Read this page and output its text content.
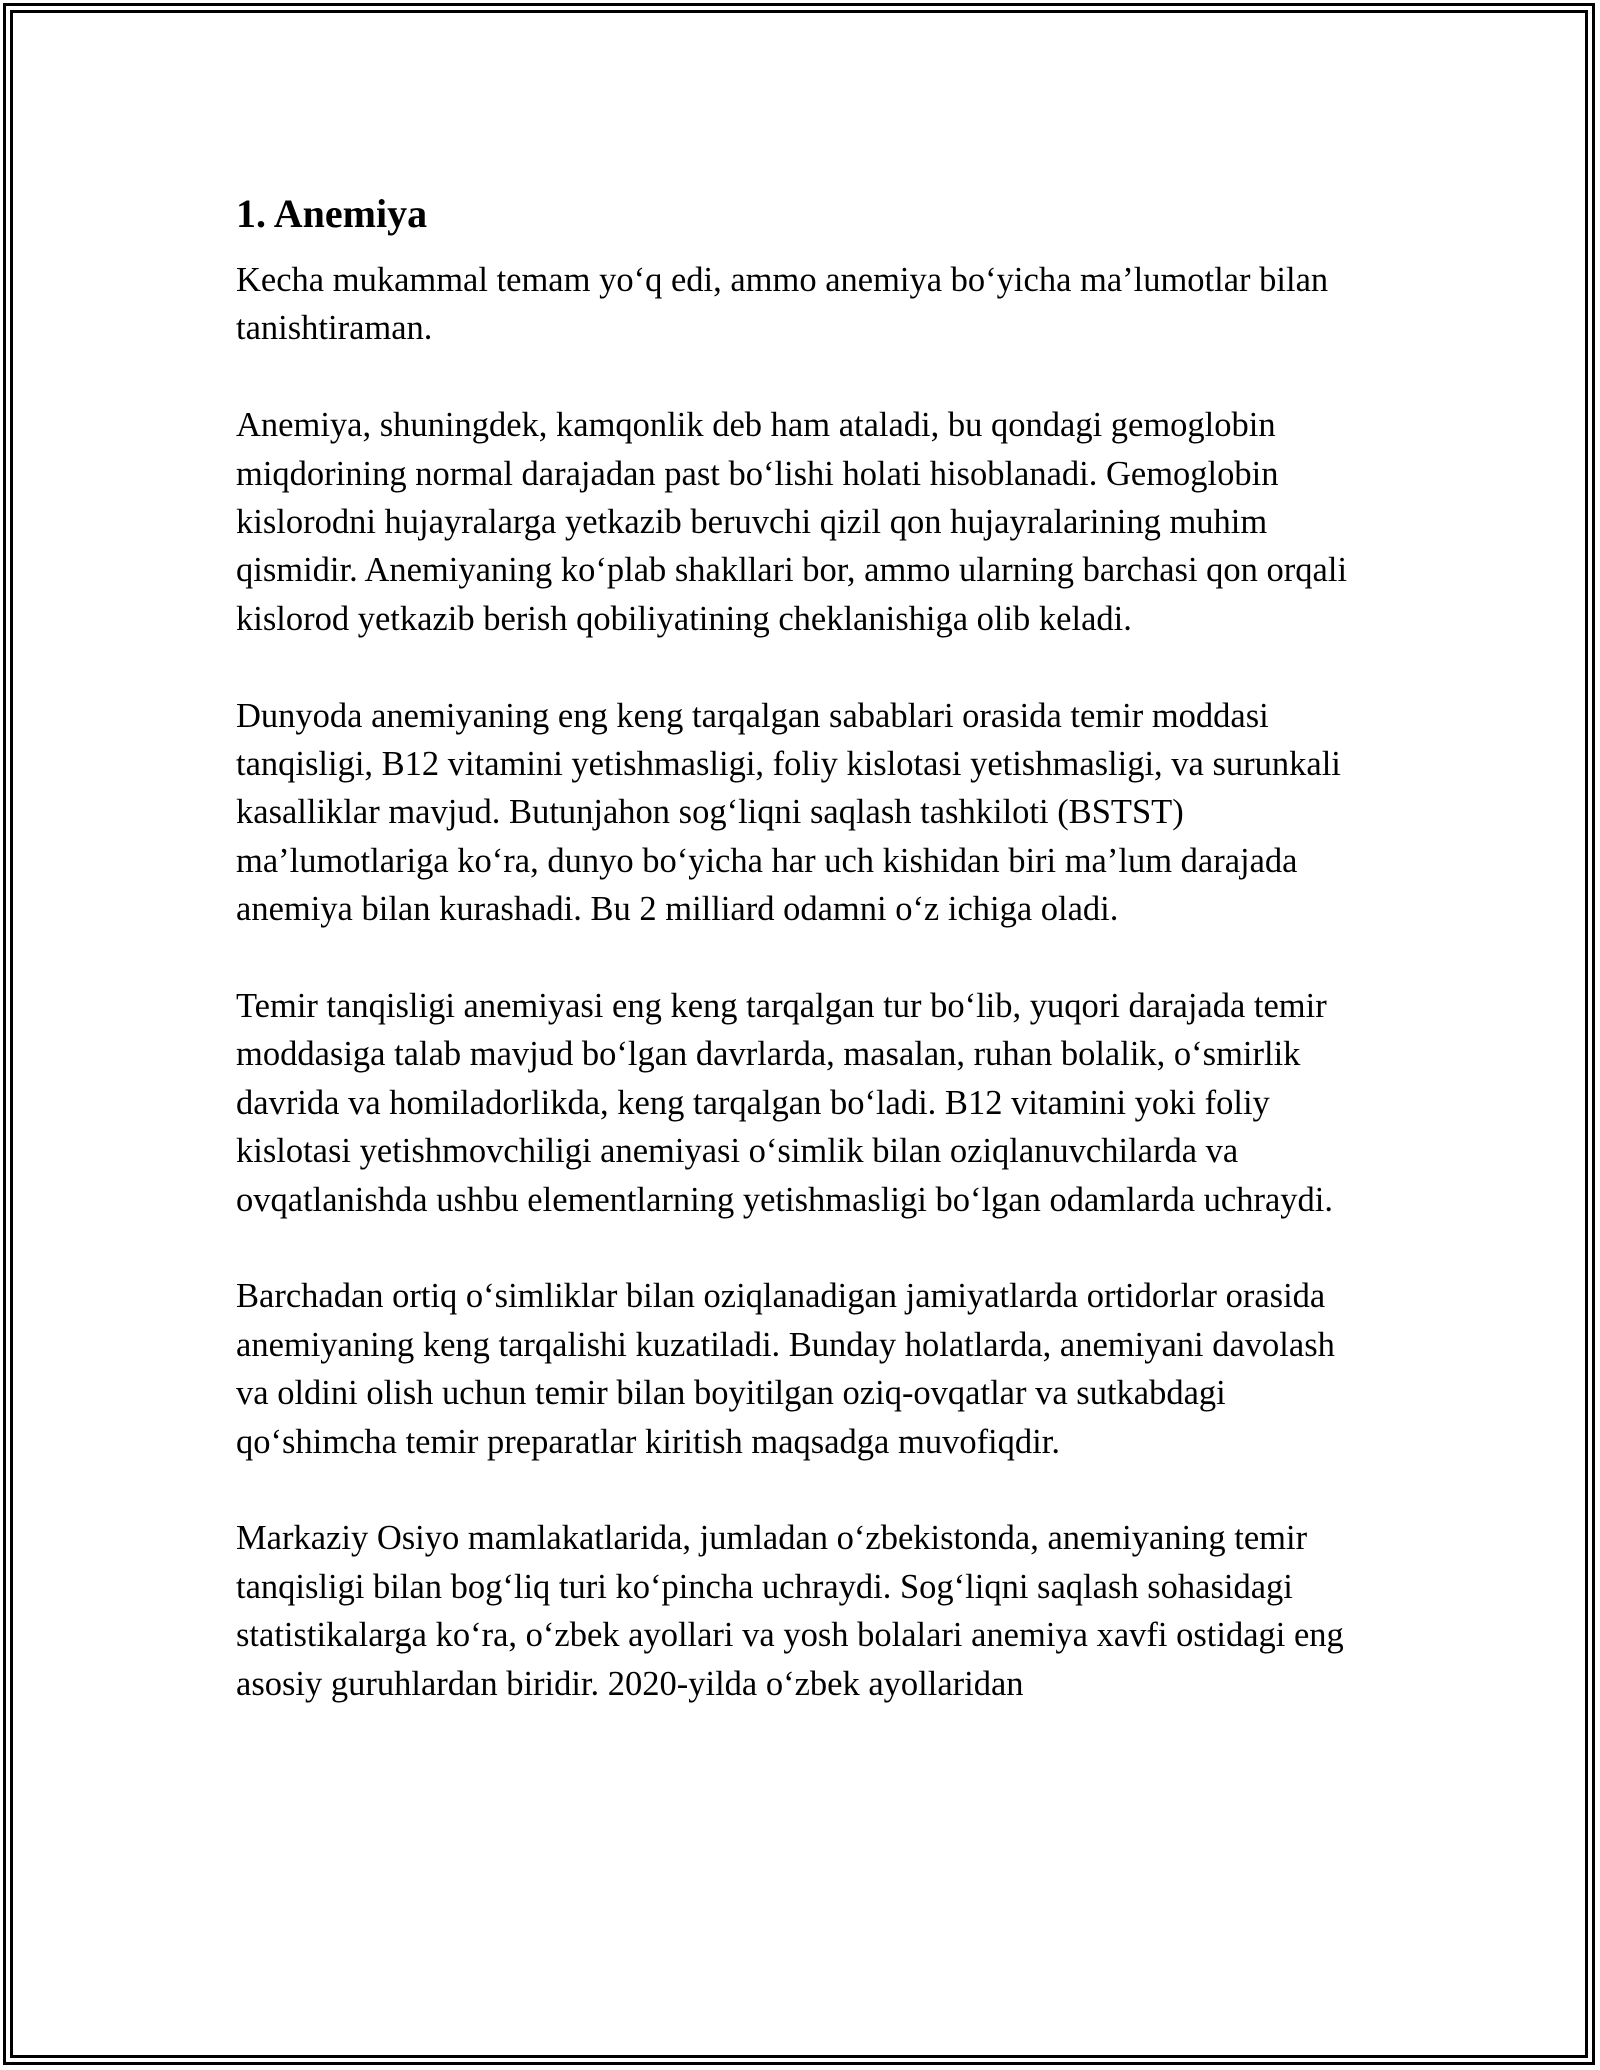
1. Anemiya

Kecha mukammal temam yo‘q edi, ammo anemiya bo‘yicha ma’lumotlar bilan tanishtiraman.

Anemiya, shuningdek, kamqonlik deb ham ataladi, bu qondagi gemoglobin miqdorining normal darajadan past bo‘lishi holati hisoblanadi. Gemoglobin kislorodni hujayralarga yetkazib beruvchi qizil qon hujayralarining muhim qismidir. Anemiyaning ko‘plab shakllari bor, ammo ularning barchasi qon orqali kislorod yetkazib berish qobiliyatining cheklanishiga olib keladi.

Dunyoda anemiyaning eng keng tarqalgan sabablari orasida temir moddasi tanqisligi, B12 vitamini yetishmasligi, foliy kislotasi yetishmasligi, va surunkali kasalliklar mavjud. Butunjahon sog‘liqni saqlash tashkiloti (BSTST) ma’lumotlariga ko‘ra, dunyo bo‘yicha har uch kishidan biri ma’lum darajada anemiya bilan kurashadi. Bu 2 milliard odamni o‘z ichiga oladi.

Temir tanqisligi anemiyasi eng keng tarqalgan tur bo‘lib, yuqori darajada temir moddasiga talab mavjud bo‘lgan davrlarda, masalan, ruhan bolalik, o‘smirlik davrida va homiladorlikda, keng tarqalgan bo‘ladi. B12 vitamini yoki foliy kislotasi yetishmovchiligi anemiyasi o‘simlik bilan oziqlanuvchilarda va ovqatlanishda ushbu elementlarning yetishmasligi bo‘lgan odamlarda uchraydi.

Barchadan ortiq o‘simliklar bilan oziqlanadigan jamiyatlarda ortidorlar orasida anemiyaning keng tarqalishi kuzatiladi. Bunday holatlarda, anemiyani davolash va oldini olish uchun temir bilan boyitilgan oziq-ovqatlar va sutkabdagi qo‘shimcha temir preparatlar kiritish maqsadga muvofiqdir.

Markaziy Osiyo mamlakatlarida, jumladan o‘zbekistonda, anemiyaning temir tanqisligi bilan bog‘liq turi ko‘pincha uchraydi. Sog‘liqni saqlash sohasidagi statistikalarga ko‘ra, o‘zbek ayollari va yosh bolalari anemiya xavfi ostidagi eng asosiy guruhlardan biridir. 2020-yilda o‘zbek ayollaridan
